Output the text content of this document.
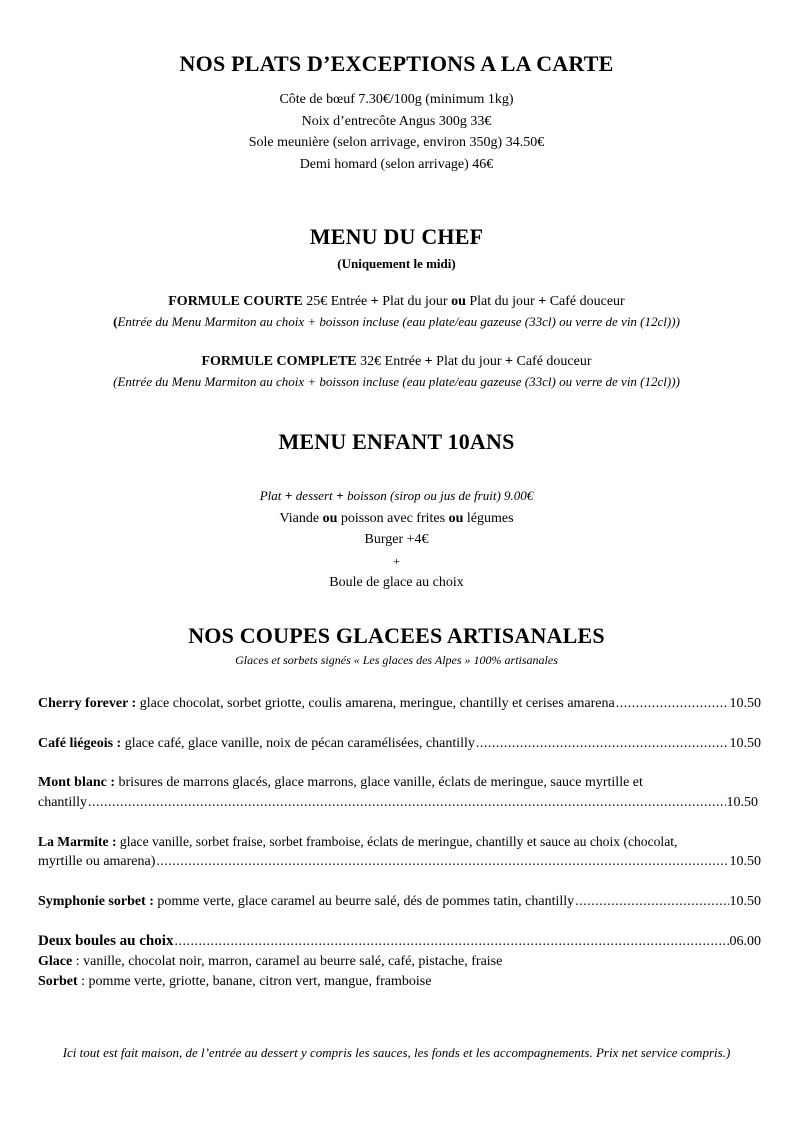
NOS PLATS D’EXCEPTIONS A LA CARTE
Côte de bœuf 7.30€/100g (minimum 1kg)
Noix d’entrecôte Angus 300g 33€
Sole meunière (selon arrivage, environ 350g) 34.50€
Demi homard (selon arrivage) 46€
MENU DU CHEF
(Uniquement le midi)
FORMULE COURTE 25€ Entrée + Plat du jour ou Plat du jour + Café douceur
(Entrée du Menu Marmiton au choix + boisson incluse (eau plate/eau gazeuse (33cl) ou verre de vin (12cl)))
FORMULE COMPLETE 32€ Entrée + Plat du jour + Café douceur
(Entrée du Menu Marmiton au choix + boisson incluse (eau plate/eau gazeuse (33cl) ou verre de vin (12cl)))
MENU ENFANT 10ANS
Plat + dessert + boisson (sirop ou jus de fruit) 9.00€
Viande ou poisson avec frites ou légumes
Burger +4€
+
Boule de glace au choix
NOS COUPES GLACEES ARTISANALES
Glaces et sorbets signés « Les glaces des Alpes » 100% artisanales
Cherry forever :
glace chocolat, sorbet griotte, coulis amarena, meringue, chantilly et cerises amarena .....	10.50
Café liégeois :
glace café, glace vanille, noix de pécan caramélisées, chantilly .....	10.50
Mont blanc : brisures de marrons glacés, glace marrons, glace vanille, éclats de meringue, sauce myrtille et
chantilly .....	10.50
La Marmite : glace vanille, sorbet fraise, sorbet framboise, éclats de meringue, chantilly et sauce au choix (chocolat,
myrtille ou amarena) .....	10.50
Symphonie sorbet :
pomme verte, glace caramel au beurre salé, dés de pommes tatin, chantilly .....	10.50
Deux boules au choix .....	06.00
Glace : vanille, chocolat noir, marron, caramel au beurre salé, café, pistache, fraise
Sorbet : pomme verte, griotte, banane, citron vert, mangue, framboise
Ici tout est fait maison, de l’entrée au dessert y compris les sauces, les fonds et les accompagnements. Prix net service compris.)
